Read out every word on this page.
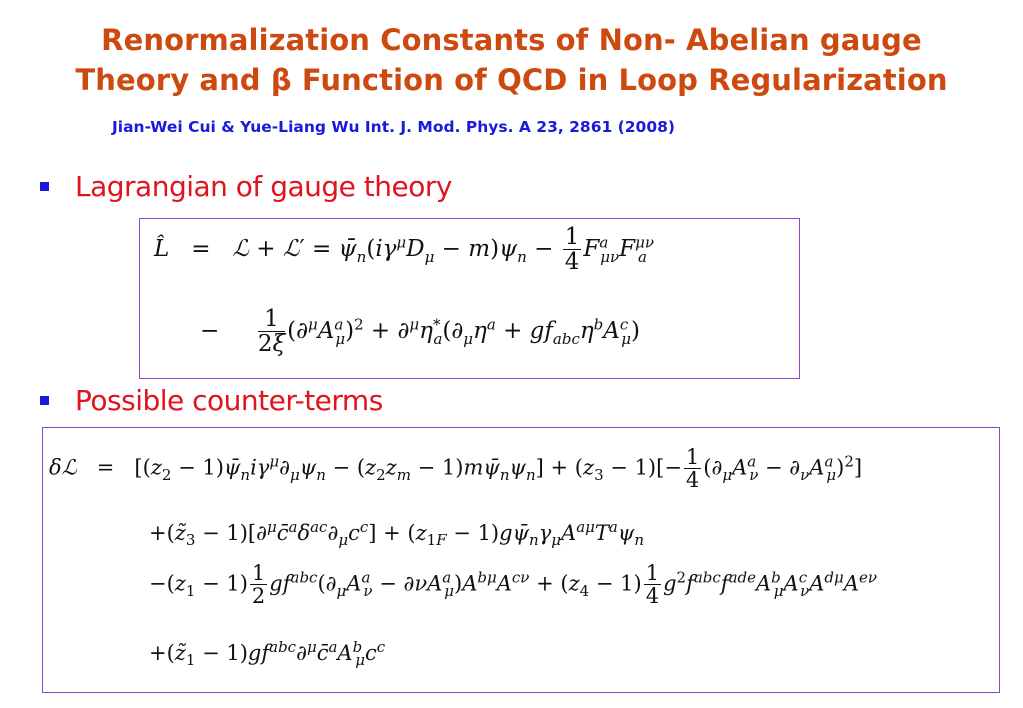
Renormalization Constants of Non- Abelian gauge
Theory and β Function of QCD in Loop Regularization
Jian-Wei Cui & Yue-Liang Wu Int. J. Mod. Phys. A 23, 2861 (2008)
Lagrangian of gauge theory
L̂   =   ℒ + ℒ′ = $\psī_n(i\gamma^\mu D_\mu - m)\psi_n - \frac{1}{4} F^a_{\mu\nu}F^{\mu\nu}_a$
− $\frac{1}{2\xi} (\partial^\mu A^a_\mu)^2 + \partial^\mu\eta^*_a(\partial_\mu\eta^a + gf_{abc}\eta^bA^c_\mu)$
Possible counter-terms
δℒ   =   [($z_2$ − $1)\psī_ni\gamma^\mu\partial_\mu\psi_n - (z_2z_m$ − $1)m\psī_n\psi_n] + (z_3 - 1)[- \frac{1}{4} (\partial_\mu A^a_\nu - \partial_\nu A^a_\mu)^2]$
$+(z̃_3$ − $1)[\partial^\mu c̄^a\delta^{ac}\partial_\mu c^c] + (z_{1F}$ − $1)g\psī_n\gamma_\mu A^{a\mu}T^a\psi_n$
$-(z_1 - 1) \frac{1}{2} gf^{abc}(\partial_\mu A^a_\nu - \partial\nu A^a_\mu)A^{b\mu}A^{c\nu} + (z_4 - 1) \frac{1}{4} g^2f^{abc}f^{ade}A^b_\mu A^c_\nu A^{d\mu}A^{e\nu}$
$+(z̃_1$ − $1)gf^{abc}\partial^\mu c̄^aA^b_\mu c^c$
